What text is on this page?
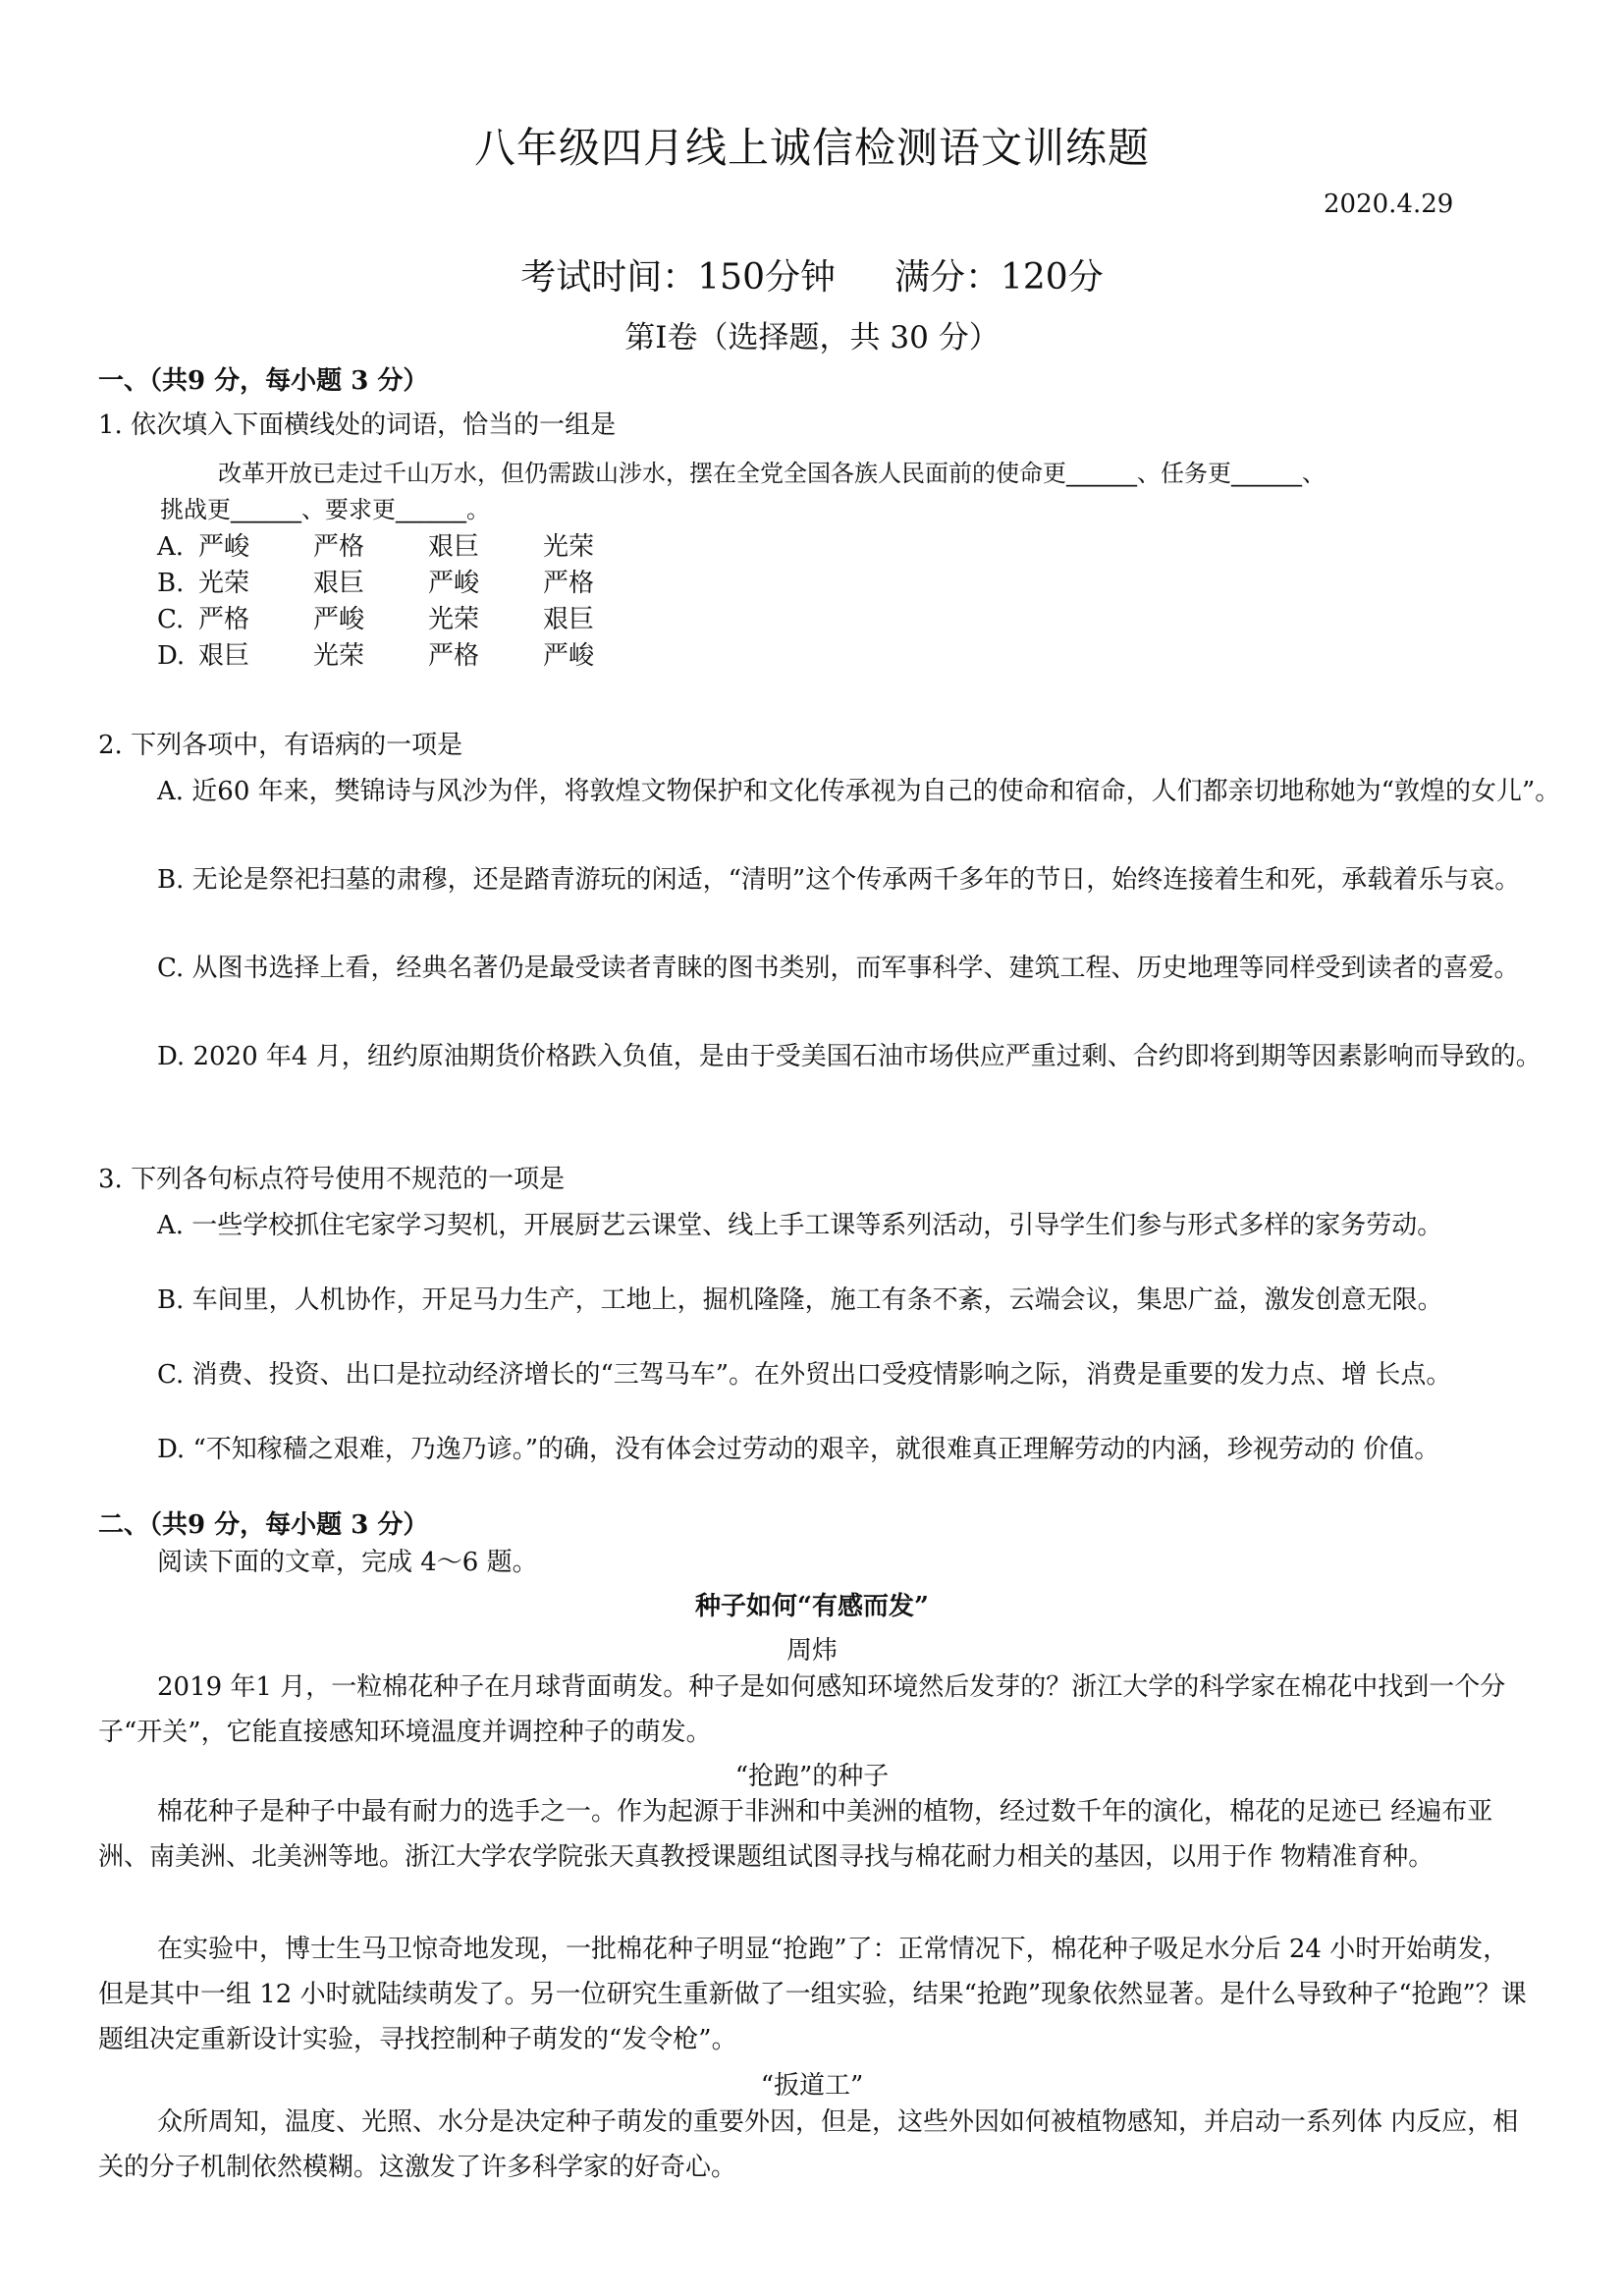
八年级四月线上诚信检测语文训练题
2020.4.29
考试时间：150分钟 满分：120分
第Ⅰ卷（选择题，共 30 分）
一、（共9 分，每小题 3 分）
1. 依次填入下面横线处的词语，恰当的一组是
改革开放已走过千山万水，但仍需跋山涉水，摆在全党全国各族人民面前的使命更______、任务更______、
挑战更______、要求更______。
A. 严峻 严格 艰巨 光荣
B. 光荣 艰巨 严峻 严格
C. 严格 严峻 光荣 艰巨
D. 艰巨 光荣 严格 严峻
2. 下列各项中，有语病的一项是
A. 近60 年来，樊锦诗与风沙为伴，将敦煌文物保护和文化传承视为自己的使命和宿命，人们都亲切地称她为“敦煌的女儿”。
B. 无论是祭祀扫墓的肃穆，还是踏青游玩的闲适，“清明”这个传承两千多年的节日，始终连接着生和死，承载着乐与哀。
C. 从图书选择上看，经典名著仍是最受读者青睐的图书类别，而军事科学、建筑工程、历史地理等同样受到读者的喜爱。
D. 2020 年4 月，纽约原油期货价格跌入负值，是由于受美国石油市场供应严重过剩、合约即将到期等因素影响而导致的。
3. 下列各句标点符号使用不规范的一项是
A. 一些学校抓住宅家学习契机，开展厨艺云课堂、线上手工课等系列活动，引导学生们参与形式多样的家务劳动。
B. 车间里，人机协作，开足马力生产，工地上，掘机隆隆，施工有条不紊，云端会议，集思广益，激发创意无限。
C. 消费、投资、出口是拉动经济增长的“三驾马车”。在外贸出口受疫情影响之际，消费是重要的发力点、增 长点。
D. “不知稼穑之艰难，乃逸乃谚。”的确，没有体会过劳动的艰辛，就很难真正理解劳动的内涵，珍视劳动的 价值。
二、（共9 分，每小题 3 分）
阅读下面的文章，完成 4～6 题。
种子如何“有感而发”
周炜
2019 年1 月，一粒棉花种子在月球背面萌发。种子是如何感知环境然后发芽的？浙江大学的科学家在棉花中找到一个分子“开关”，它能直接感知环境温度并调控种子的萌发。
“抢跑”的种子
棉花种子是种子中最有耐力的选手之一。作为起源于非洲和中美洲的植物，经过数千年的演化，棉花的足迹已 经遍布亚洲、南美洲、北美洲等地。浙江大学农学院张天真教授课题组试图寻找与棉花耐力相关的基因，以用于作 物精准育种。
在实验中，博士生马卫惊奇地发现，一批棉花种子明显“抢跑”了：正常情况下，棉花种子吸足水分后 24 小时开始萌发，但是其中一组 12 小时就陆续萌发了。另一位研究生重新做了一组实验，结果“抢跑”现象依然显著。是什么导致种子“抢跑”？课题组决定重新设计实验，寻找控制种子萌发的“发令枪”。
“扳道工”
众所周知，温度、光照、水分是决定种子萌发的重要外因，但是，这些外因如何被植物感知，并启动一系列体 内反应，相关的分子机制依然模糊。这激发了许多科学家的好奇心。
